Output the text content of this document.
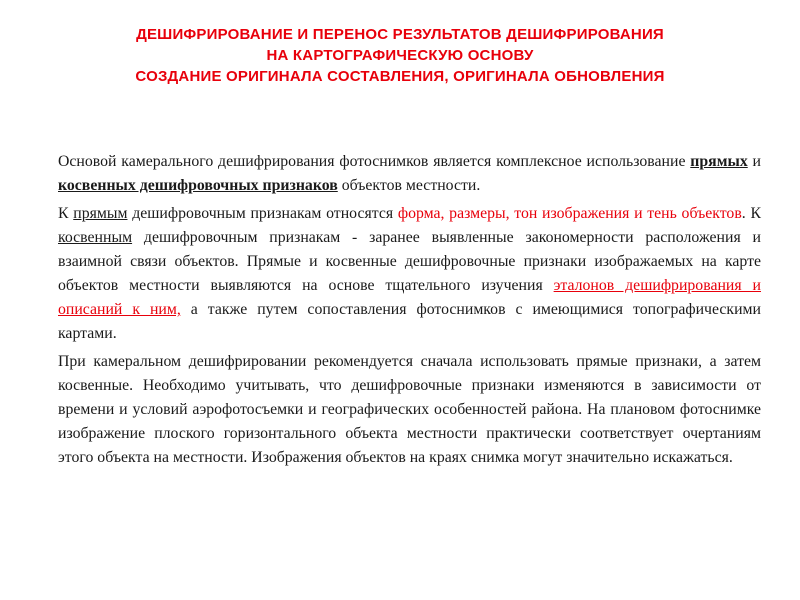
ДЕШИФРИРОВАНИЕ И ПЕРЕНОС РЕЗУЛЬТАТОВ ДЕШИФРИРОВАНИЯ
НА КАРТОГРАФИЧЕСКУЮ ОСНОВУ
СОЗДАНИЕ ОРИГИНАЛА СОСТАВЛЕНИЯ, ОРИГИНАЛА ОБНОВЛЕНИЯ

Основой камерального дешифрирования фотоснимков является комплексное использование прямых и косвенных дешифровочных признаков объектов местности.

К прямым дешифровочным признакам относятся форма, размеры, тон изображения и тень объектов. К косвенным дешифровочным признакам - заранее выявленные закономерности расположения и взаимной связи объектов. Прямые и косвенные дешифровочные признаки изображаемых на карте объектов местности выявляются на основе тщательного изучения эталонов дешифрирования и описаний к ним, а также путем сопоставления фотоснимков с имеющимися топографическими картами.

При камеральном дешифрировании рекомендуется сначала использовать прямые признаки, а затем косвенные. Необходимо учитывать, что дешифровочные признаки изменяются в зависимости от времени и условий аэрофотосъемки и географических особенностей района. На плановом фотоснимке изображение плоского горизонтального объекта местности практически соответствует очертаниям этого объекта на местности. Изображения объектов на краях снимка могут значительно искажаться.
